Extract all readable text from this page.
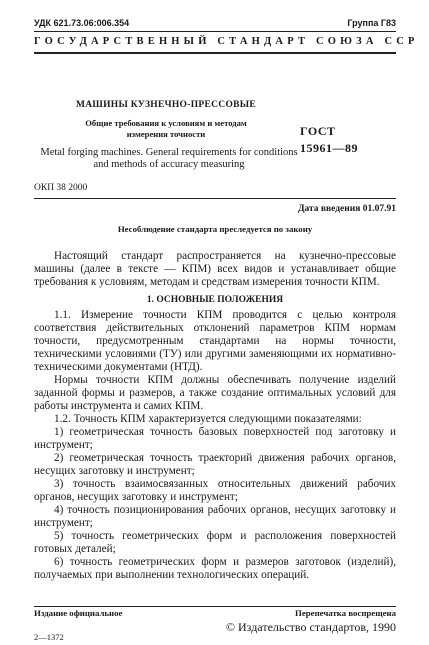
УДК 621.73.06:006.354	Группа Г83
ГОСУДАРСТВЕННЫЙ СТАНДАРТ СОЮЗА ССР
МАШИНЫ КУЗНЕЧНО-ПРЕССОВЫЕ
Общие требования к условиям и методам измерения точности
Metal forging machines. General requirements for conditions and methods of accuracy measuring
ГОСТ
15961—89
ОКП 38 2000
Дата введения 01.07.91
Несоблюдение стандарта преследуется по закону

Настоящий стандарт распространяется на кузнечно-прессовые машины (далее в тексте — КПМ) всех видов и устанавливает общие требования к условиям, методам и средствам измерения точности КПМ.

1. ОСНОВНЫЕ ПОЛОЖЕНИЯ

1.1. Измерение точности КПМ проводится с целью контроля соответствия действительных отклонений параметров КПМ нормам точности, предусмотренным стандартами на нормы точности, техническими условиями (ТУ) или другими заменяющими их нормативно-техническими документами (НТД).

Нормы точности КПМ должны обеспечивать получение изделий заданной формы и размеров, а также создание оптимальных условий для работы инструмента и самих КПМ.

1.2. Точность КПМ характеризуется следующими показателями:

1) геометрическая точность базовых поверхностей под заготовку и инструмент;

2) геометрическая точность траекторий движения рабочих органов, несущих заготовку и инструмент;

3) точность взаимосвязанных относительных движений рабочих органов, несущих заготовку и инструмент;

4) точность позиционирования рабочих органов, несущих заготовку и инструмент;

Издание официальное	Перепечатка воспрещена
© Издательство стандартов, 1990
2—1372

5) точность геометрических форм и расположения поверхностей готовых деталей;

6) точность геометрических форм и размеров заготовок (изделий), получаемых при выполнении технологических операций.
